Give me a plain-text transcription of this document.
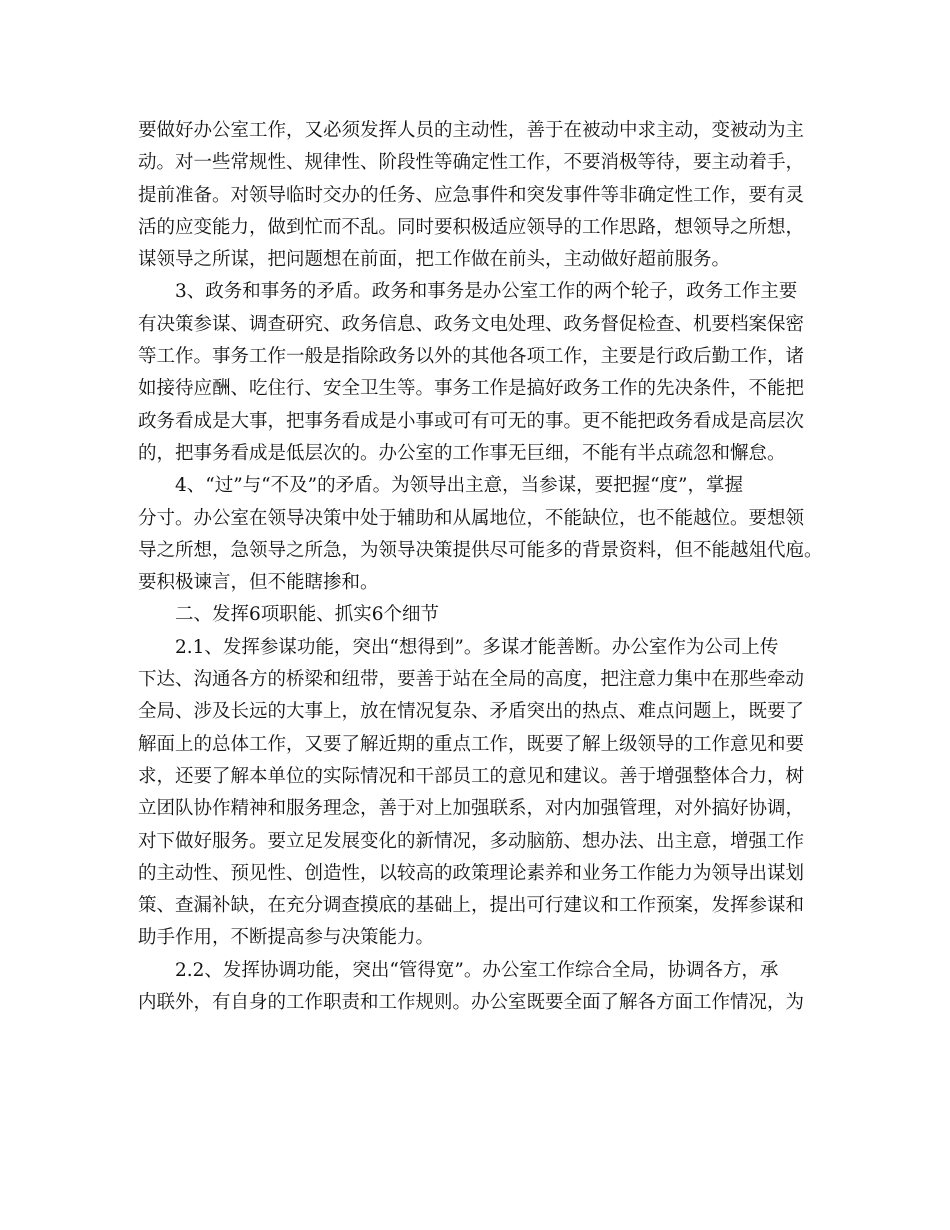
要做好办公室工作，又必须发挥人员的主动性，善于在被动中求主动，变被动为主
动。对一些常规性、规律性、阶段性等确定性工作，不要消极等待，要主动着手，
提前准备。对领导临时交办的任务、应急事件和突发事件等非确定性工作，要有灵
活的应变能力，做到忙而不乱。同时要积极适应领导的工作思路，想领导之所想，
谋领导之所谋，把问题想在前面，把工作做在前头，主动做好超前服务。
3、政务和事务的矛盾。政务和事务是办公室工作的两个轮子，政务工作主要
有决策参谋、调查研究、政务信息、政务文电处理、政务督促检查、机要档案保密
等工作。事务工作一般是指除政务以外的其他各项工作，主要是行政后勤工作，诸
如接待应酬、吃住行、安全卫生等。事务工作是搞好政务工作的先决条件，不能把
政务看成是大事，把事务看成是小事或可有可无的事。更不能把政务看成是高层次
的，把事务看成是低层次的。办公室的工作事无巨细，不能有半点疏忽和懈怠。
4、“过”与“不及”的矛盾。为领导出主意，当参谋，要把握“度”，掌握
分寸。办公室在领导决策中处于辅助和从属地位，不能缺位，也不能越位。要想领
导之所想，急领导之所急，为领导决策提供尽可能多的背景资料，但不能越俎代庖。
要积极谏言，但不能瞎掺和。
二、发挥6项职能、抓实6个细节
2.1、发挥参谋功能，突出“想得到”。多谋才能善断。办公室作为公司上传
下达、沟通各方的桥梁和纽带，要善于站在全局的高度，把注意力集中在那些牵动
全局、涉及长远的大事上，放在情况复杂、矛盾突出的热点、难点问题上，既要了
解面上的总体工作，又要了解近期的重点工作，既要了解上级领导的工作意见和要
求，还要了解本单位的实际情况和干部员工的意见和建议。善于增强整体合力，树
立团队协作精神和服务理念，善于对上加强联系，对内加强管理，对外搞好协调，
对下做好服务。要立足发展变化的新情况，多动脑筋、想办法、出主意，增强工作
的主动性、预见性、创造性，以较高的政策理论素养和业务工作能力为领导出谋划
策、查漏补缺，在充分调查摸底的基础上，提出可行建议和工作预案，发挥参谋和
助手作用，不断提高参与决策能力。
2.2、发挥协调功能，突出“管得宽”。办公室工作综合全局，协调各方，承
内联外，有自身的工作职责和工作规则。办公室既要全面了解各方面工作情况，为
